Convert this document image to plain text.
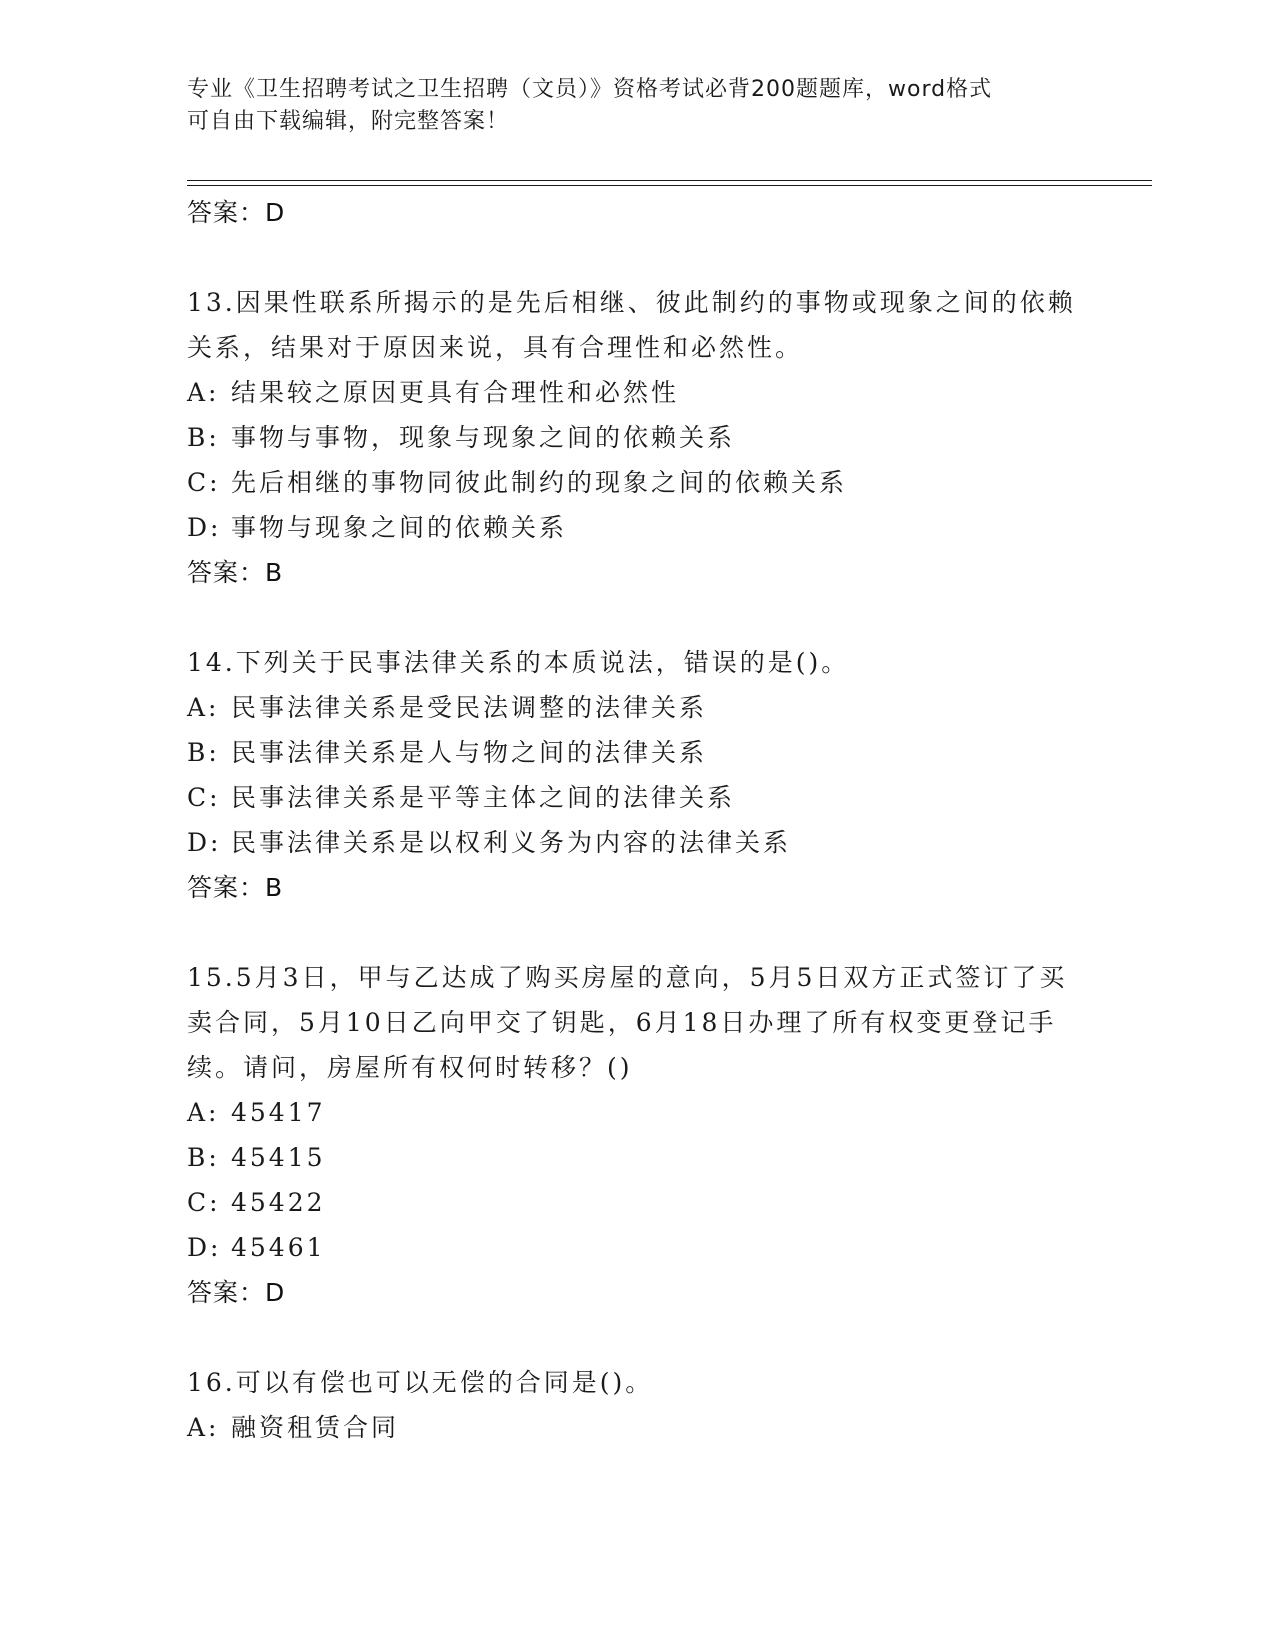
专业《卫生招聘考试之卫生招聘（文员）》资格考试必背200题题库，word格式
可自由下载编辑，附完整答案！
答案：D
13.因果性联系所揭示的是先后相继、彼此制约的事物或现象之间的依赖关系，结果对于原因来说，具有合理性和必然性。
A: 结果较之原因更具有合理性和必然性
B: 事物与事物，现象与现象之间的依赖关系
C: 先后相继的事物同彼此制约的现象之间的依赖关系
D: 事物与现象之间的依赖关系
答案：B
14.下列关于民事法律关系的本质说法，错误的是()。
A: 民事法律关系是受民法调整的法律关系
B: 民事法律关系是人与物之间的法律关系
C: 民事法律关系是平等主体之间的法律关系
D: 民事法律关系是以权利义务为内容的法律关系
答案：B
15.5月3日，甲与乙达成了购买房屋的意向，5月5日双方正式签订了买卖合同，5月10日乙向甲交了钥匙，6月18日办理了所有权变更登记手续。请问，房屋所有权何时转移？()
A: 45417
B: 45415
C: 45422
D: 45461
答案：D
16.可以有偿也可以无偿的合同是()。
A: 融资租赁合同
